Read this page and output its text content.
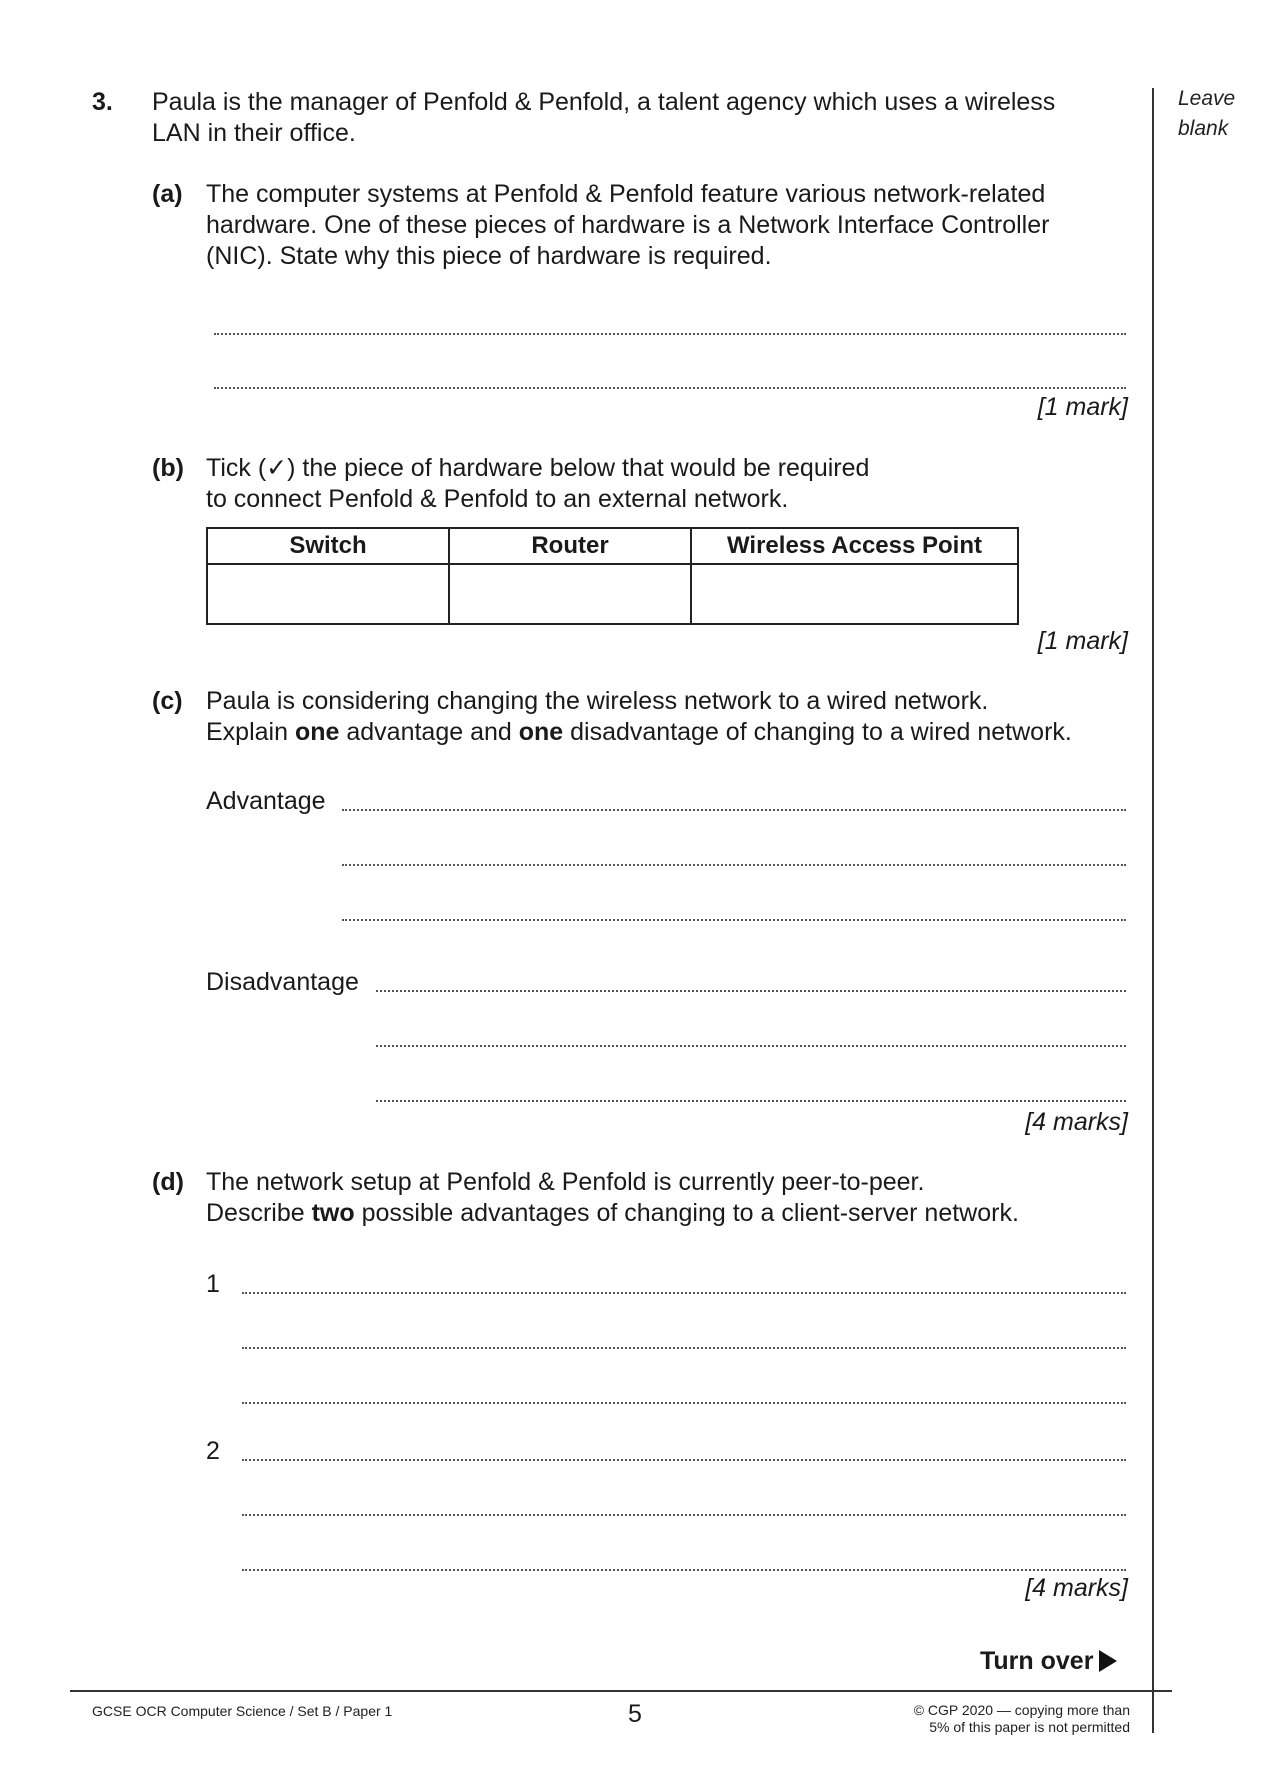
Leave
blank
3. Paula is the manager of Penfold & Penfold, a talent agency which uses a wireless
LAN in their office.
(a) The computer systems at Penfold & Penfold feature various network-related
hardware. One of these pieces of hardware is a Network Interface Controller
(NIC). State why this piece of hardware is required.
[1 mark]
(b) Tick (✓) the piece of hardware below that would be required
to connect Penfold & Penfold to an external network.
Switch	Router	Wireless Access Point

[1 mark]
(c) Paula is considering changing the wireless network to a wired network.
Explain one advantage and one disadvantage of changing to a wired network.
Advantage
Disadvantage
[4 marks]
(d) The network setup at Penfold & Penfold is currently peer-to-peer.
Describe two possible advantages of changing to a client-server network.
1
2
[4 marks]
Turn over
GCSE OCR Computer Science / Set B / Paper 1	5	© CGP 2020 — copying more than
5% of this paper is not permitted
